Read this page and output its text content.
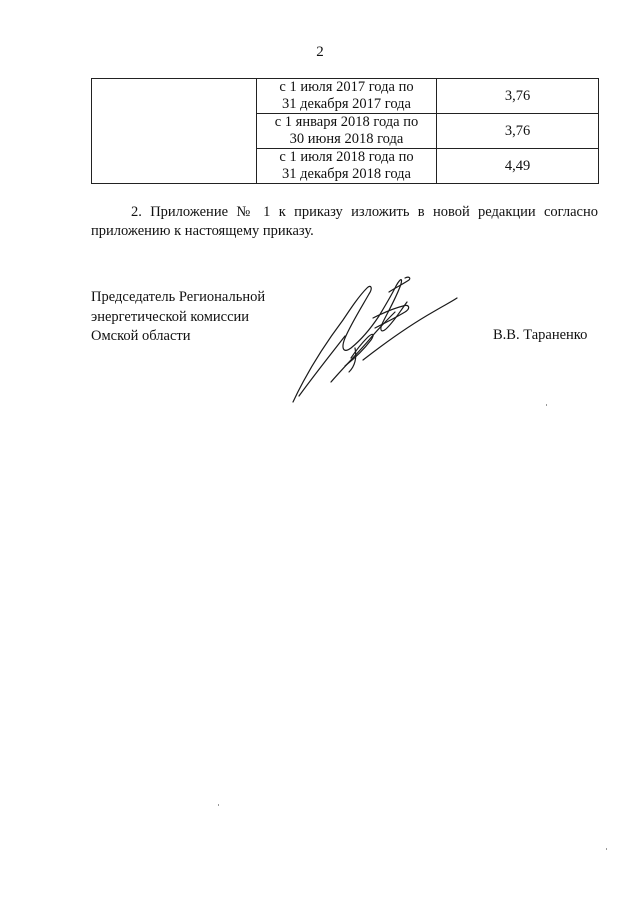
2

	с 1 июля 2017 года по
31 декабря 2017 года	3,76

	с 1 января 2018 года по
30 июня 2018 года	3,76

	с 1 июля 2018 года по
31 декабря 2018 года	4,49
2. Приложение № 1 к приказу изложить в новой редакции согласно
приложению к настоящему приказу.
Председатель Региональной
энергетической комиссии
Омской области	В.В. Тараненко
